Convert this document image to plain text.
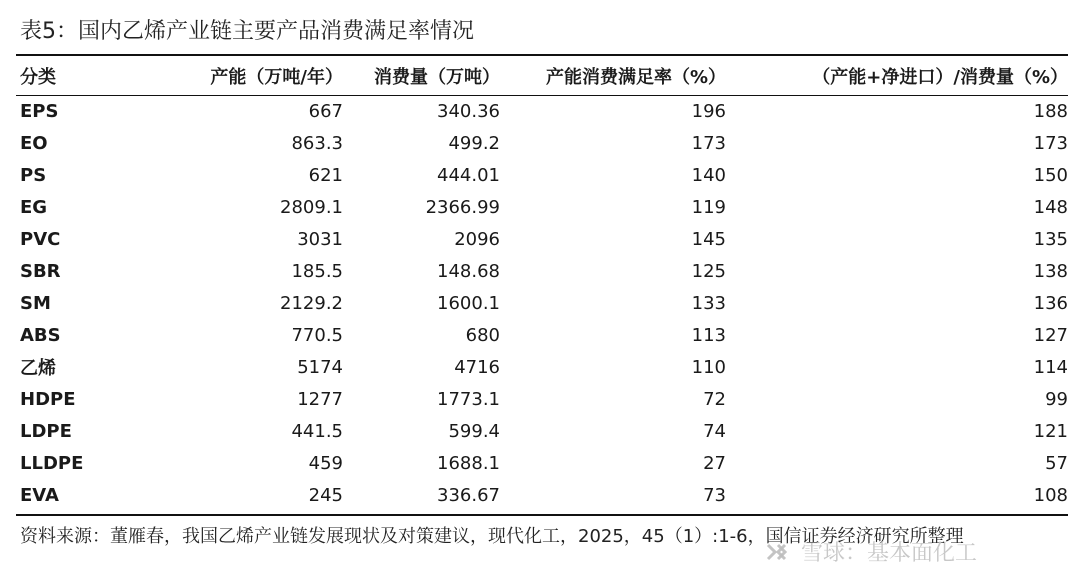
表5：国内乙烯产业链主要产品消费满足率情况
分类	产能（万吨/年）	消费量（万吨）	产能消费满足率（%）	（产能+净进口）/消费量（%）
EPS	667	340.36	196	188
EO	863.3	499.2	173	173
PS	621	444.01	140	150
EG	2809.1	2366.99	119	148
PVC	3031	2096	145	135
SBR	185.5	148.68	125	138
SM	2129.2	1600.1	133	136
ABS	770.5	680	113	127
乙烯	5174	4716	110	114
HDPE	1277	1773.1	72	99
LDPE	441.5	599.4	74	121
LLDPE	459	1688.1	27	57
EVA	245	336.67	73	108
资料来源：董雁春，我国乙烯产业链发展现状及对策建议，现代化工，2025，45（1）:1-6，国信证券经济研究所整理
雪球：基本面化工
